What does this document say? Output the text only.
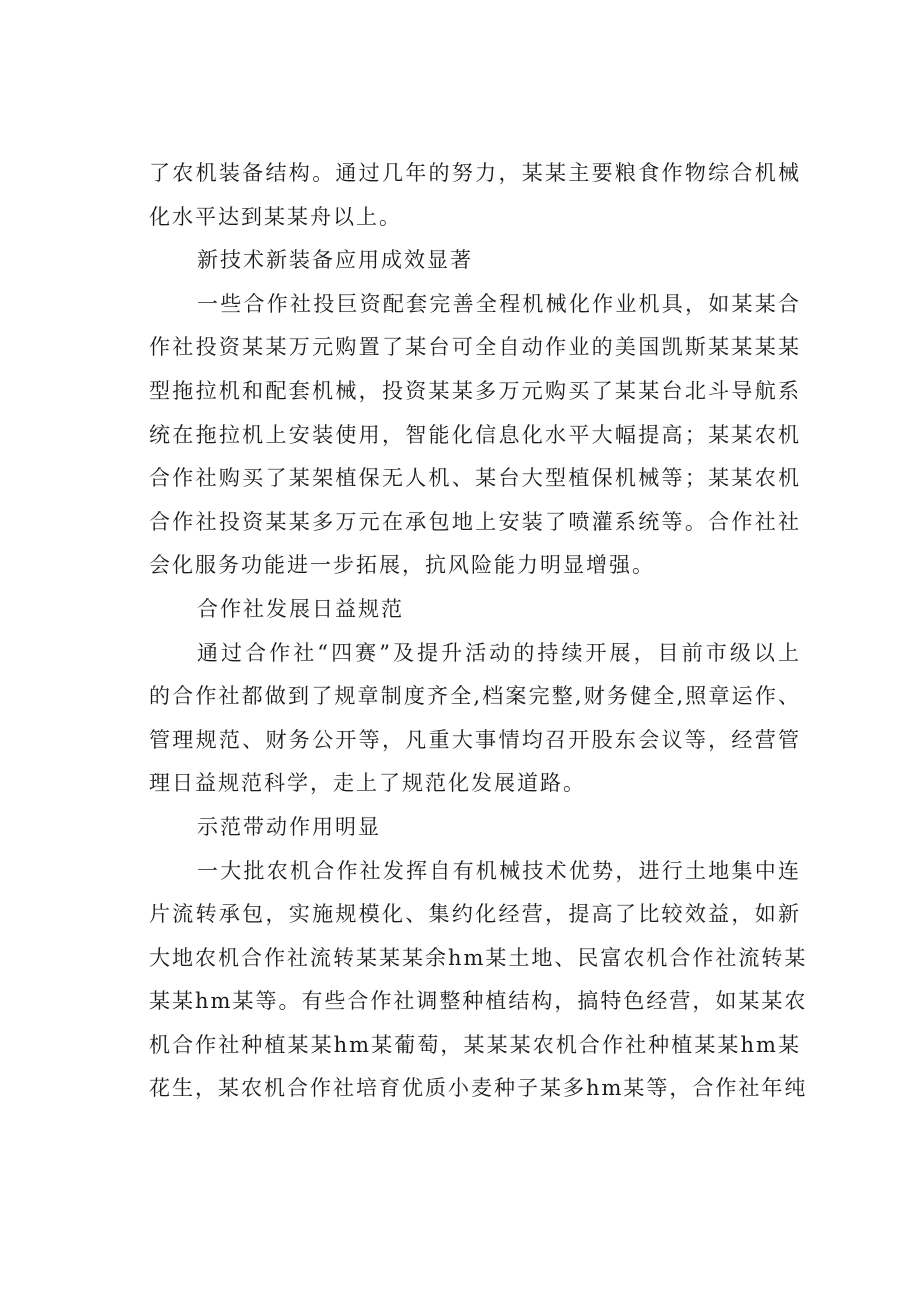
了农机装备结构。通过几年的努力，某某主要粮食作物综合机械
化水平达到某某舟以上。
新技术新装备应用成效显著
一些合作社投巨资配套完善全程机械化作业机具，如某某合
作社投资某某万元购置了某台可全自动作业的美国凯斯某某某某
型拖拉机和配套机械，投资某某多万元购买了某某台北斗导航系
统在拖拉机上安装使用，智能化信息化水平大幅提高；某某农机
合作社购买了某架植保无人机、某台大型植保机械等；某某农机
合作社投资某某多万元在承包地上安装了喷灌系统等。合作社社
会化服务功能进一步拓展，抗风险能力明显增强。
合作社发展日益规范
通过合作社“四赛”及提升活动的持续开展，目前市级以上
的合作社都做到了规章制度齐全,档案完整,财务健全,照章运作、
管理规范、财务公开等，凡重大事情均召开股东会议等，经营管
理日益规范科学，走上了规范化发展道路。
示范带动作用明显
一大批农机合作社发挥自有机械技术优势，进行土地集中连
片流转承包，实施规模化、集约化经营，提高了比较效益，如新
大地农机合作社流转某某某余hm某土地、民富农机合作社流转某
某某hm某等。有些合作社调整种植结构，搞特色经营，如某某农
机合作社种植某某hm某葡萄，某某某农机合作社种植某某hm某
花生，某农机合作社培育优质小麦种子某多hm某等，合作社年纯
